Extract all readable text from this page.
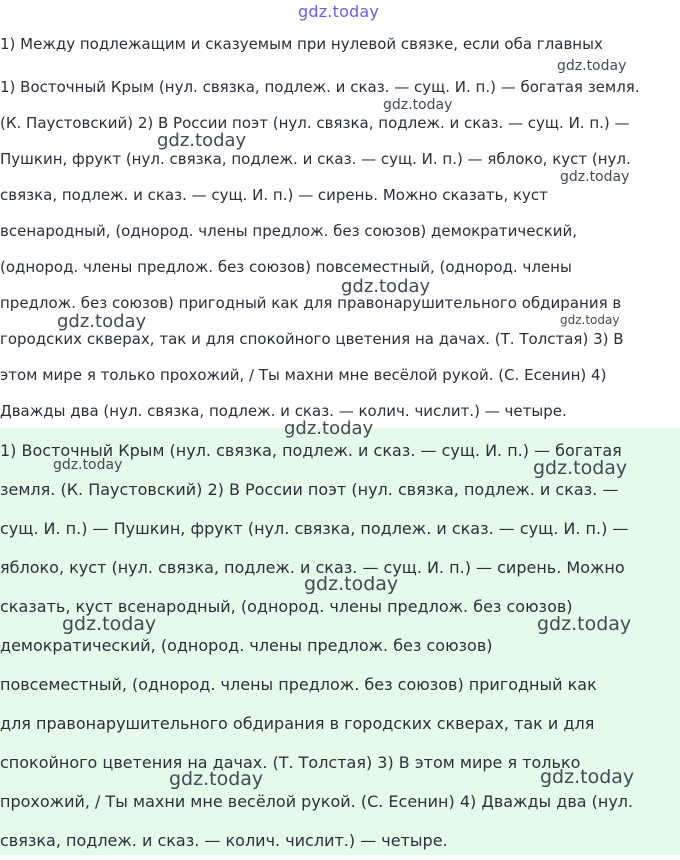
gdz.today
1) Между подлежащим и сказуемым при нулевой связке, если оба главных
1) Восточный Крым (нул. связка, подлеж. и сказ. — сущ. И. п.) — богатая земля.
(К. Паустовский) 2) В России поэт (нул. связка, подлеж. и сказ. — сущ. И. п.) —
Пушкин, фрукт (нул. связка, подлеж. и сказ. — сущ. И. п.) — яблоко, куст (нул.
связка, подлеж. и сказ. — сущ. И. п.) — сирень. Можно сказать, куст
всенародный, (однород. члены предлож. без союзов) демократический,
(однород. члены предлож. без союзов) повсеместный, (однород. члены
предлож. без союзов) пригодный как для правонарушительного обдирания в
городских скверах, так и для спокойного цветения на дачах. (Т. Толстая) 3) В
этом мире я только прохожий, / Ты махни мне весёлой рукой. (С. Есенин) 4)
Дважды два (нул. связка, подлеж. и сказ. — колич. числит.) — четыре.
1) Восточный Крым (нул. связка, подлеж. и сказ. — сущ. И. п.) — богатая
земля. (К. Паустовский) 2) В России поэт (нул. связка, подлеж. и сказ. —
сущ. И. п.) — Пушкин, фрукт (нул. связка, подлеж. и сказ. — сущ. И. п.) —
яблоко, куст (нул. связка, подлеж. и сказ. — сущ. И. п.) — сирень. Можно
сказать, куст всенародный, (однород. члены предлож. без союзов)
демократический, (однород. члены предлож. без союзов)
повсеместный, (однород. члены предлож. без союзов) пригодный как
для правонарушительного обдирания в городских скверах, так и для
спокойного цветения на дачах. (Т. Толстая) 3) В этом мире я только
прохожий, / Ты махни мне весёлой рукой. (С. Есенин) 4) Дважды два (нул.
связка, подлеж. и сказ. — колич. числит.) — четыре.
gdz.today
gdz.today
gdz.today
gdz.today
gdz.today
gdz.today	gdz.today
gdz.today
gdz.today	gdz.today
gdz.today
gdz.today	gdz.today
gdz.today
gdz.today
